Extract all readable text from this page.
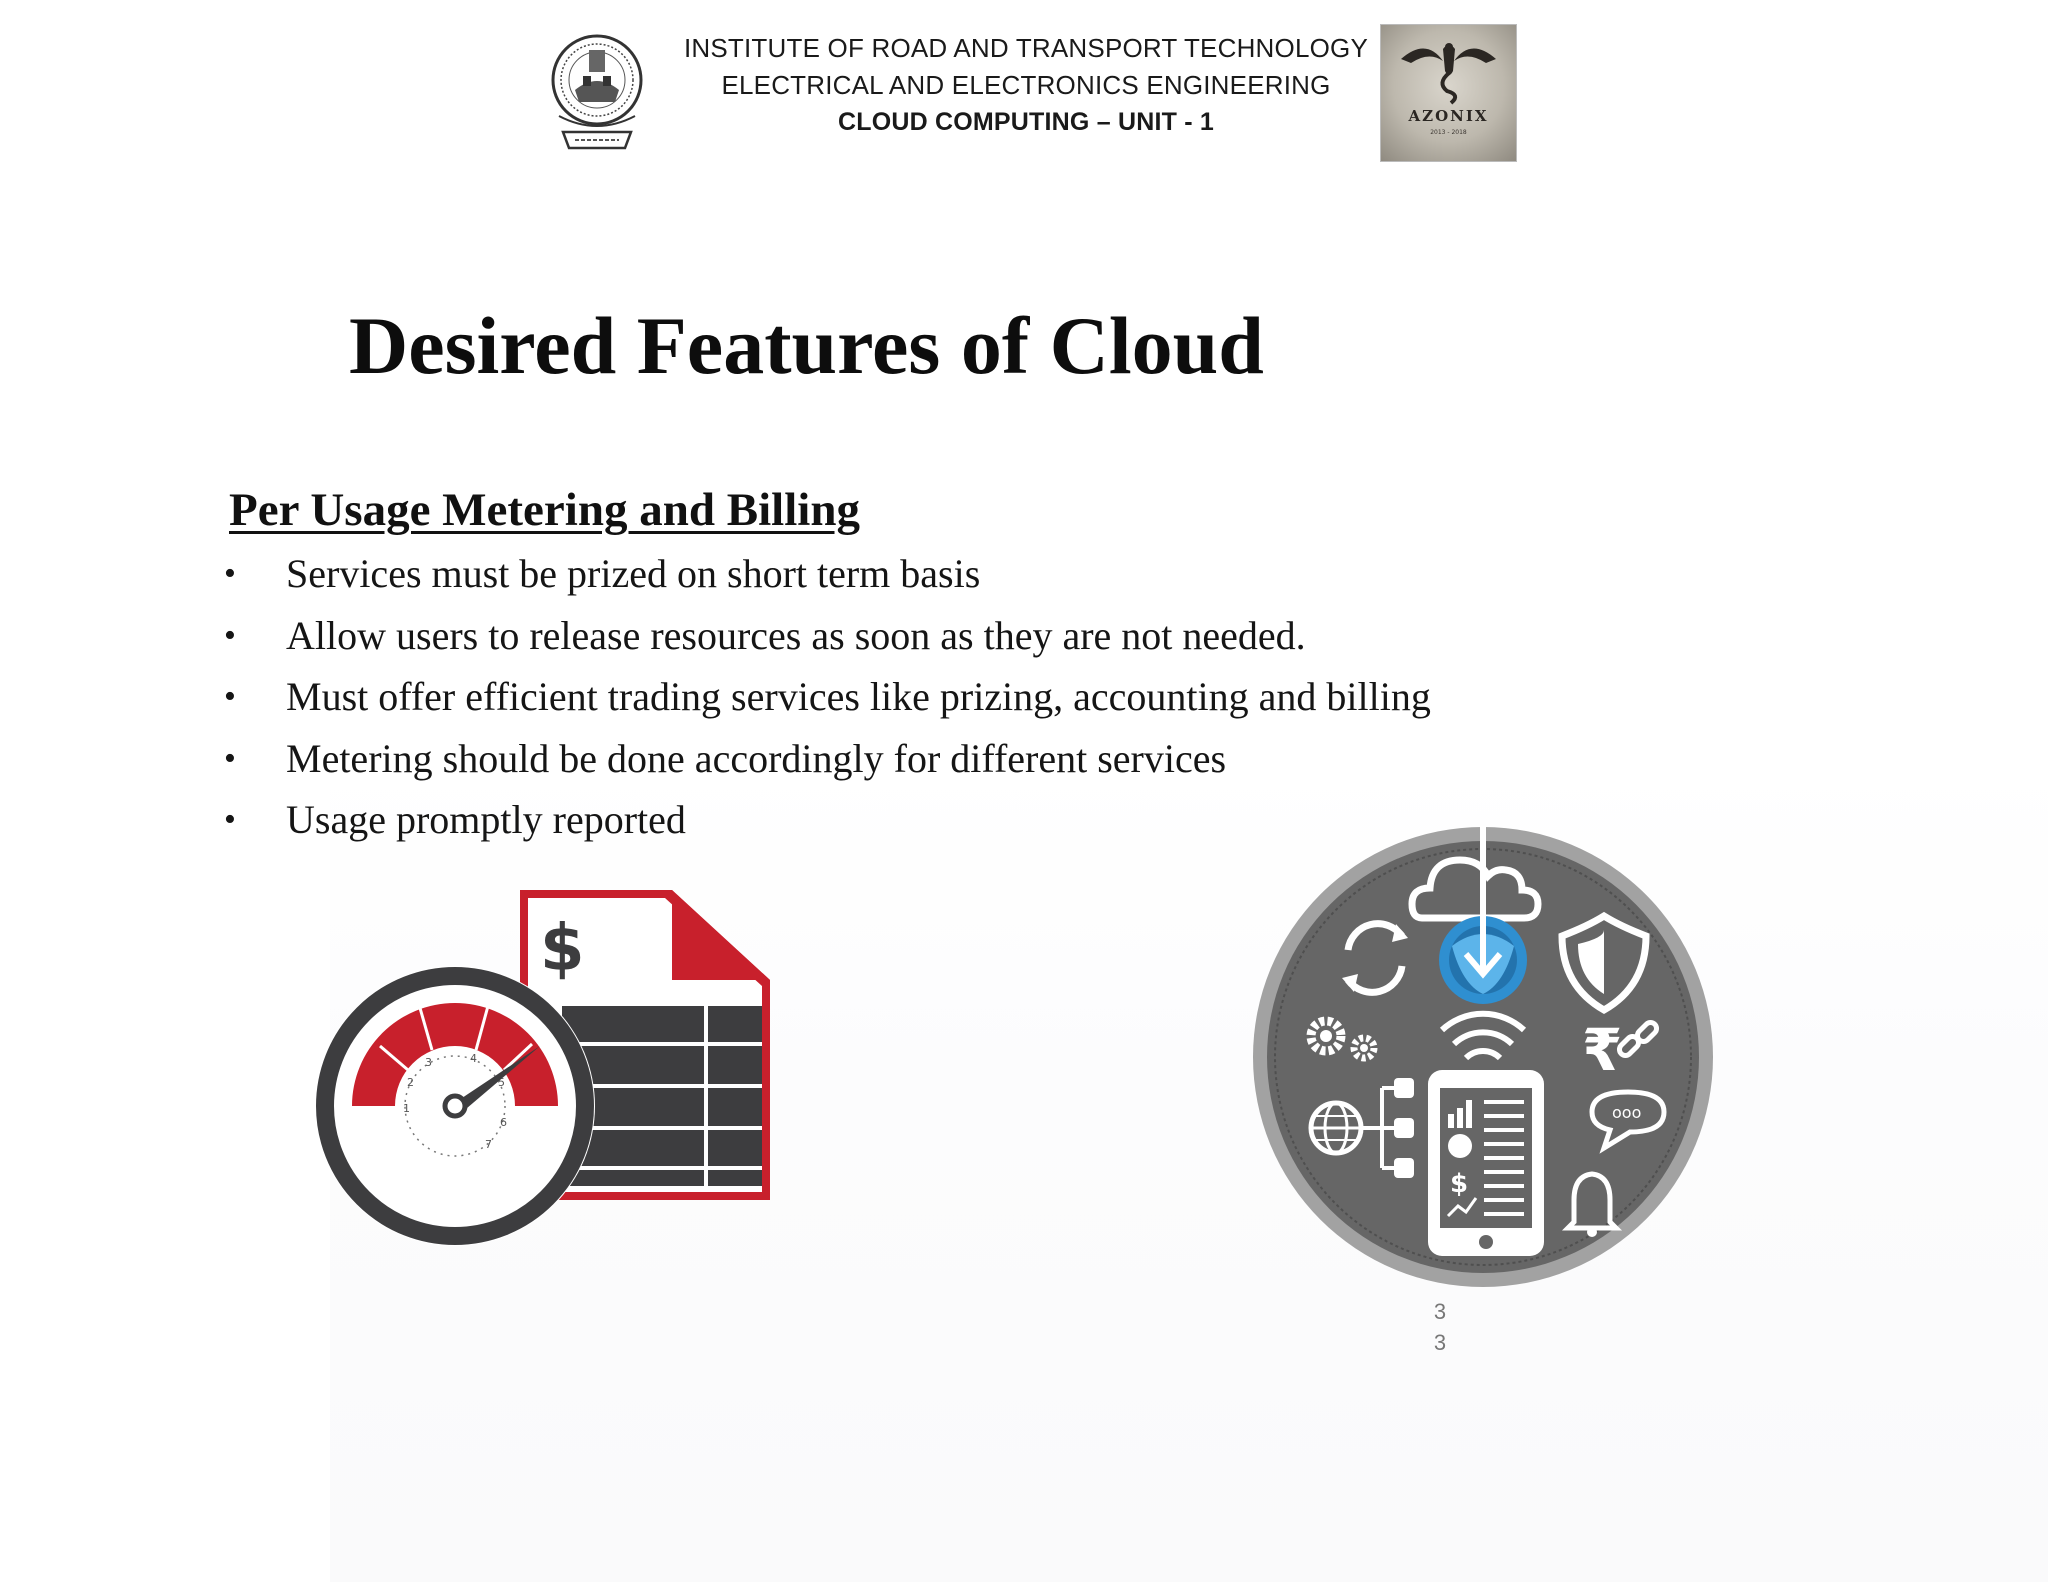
INSTITUTE OF ROAD AND TRANSPORT TECHNOLOGY
ELECTRICAL AND ELECTRONICS ENGINEERING
CLOUD COMPUTING – UNIT - 1	AZONIX
2013 - 2018
Desired Features of Cloud
Per Usage Metering and Billing
• Services must be prized on short term basis
• Allow users to release resources as soon as they are not needed.
• Must offer efficient trading services like prizing, accounting and billing
• Metering should be done accordingly for different services
• Usage promptly reported
$
1
2
3	4
5
6
7
₹
$
ooo
3
3
